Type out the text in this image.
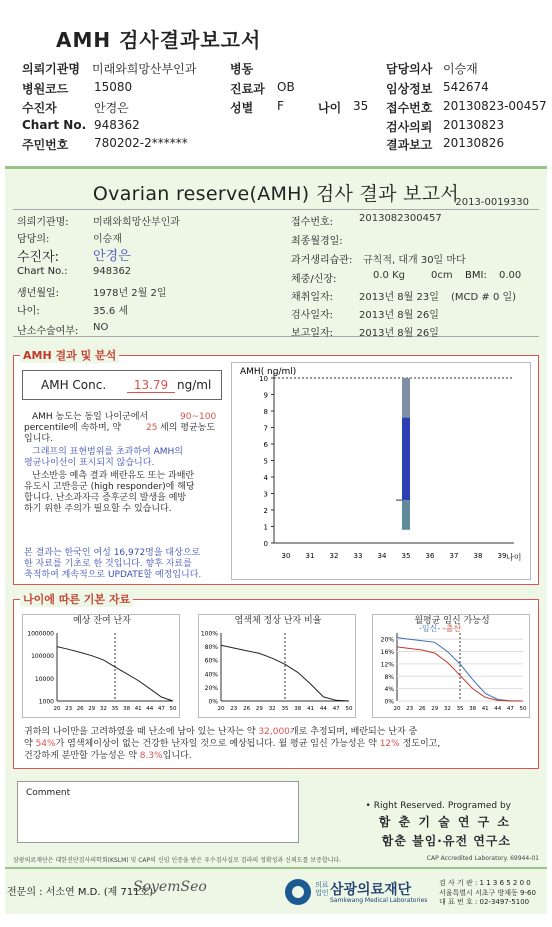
AMH 검사결과보고서
의뢰기관명 미래와희망산부인과	병동	담당의사 이승재
병원코드 15080	진료과 OB	임상정보 542674
수진자	안경은	성별 F	나이 35 접수번호 20130823-00457
Chart No. 948362	검사의뢰 20130823
주민번호 780202-2******	결과보고 20130826
Ovarian reserve(AMH) 검사 결과 보고서
2013-0019330
의뢰기관명: 미래와희망산부인과
담당의:	이승재
수진자:	안경은
Chart No.:	948362
생년월일:	1978년 2월 2일
나이:	35.6 세
난소수술여부: NO
접수번호:	2013082300457
최종월경일:
과거생리습관: 규칙적, 대개 30일 마다
체중/신장:	0.0 Kg	0cm BMI: 0.00
채취일자:	2013년 8월 23일 (MCD # 0 일)
검사일자:	2013년 8월 26일
보고일자:	2013년 8월 26일
AMH 결과 및 분석
AMH Conc.	13.79 ng/ml
AMH 농도는 동일 나이군에서	90~100
percentile에 속하며, 약	25 세의 평균농도
입니다.
그래프의 표현범위를 초과하여 AMH의
평균나이선이 표시되지 않습니다.
난소반응 예측 결과 배란유도 또는 과배란
유도시 고반응군 (high responder)에 해당
합니다. 난소과자극 증후군의 발생을 예방
하기 위한 주의가 필요할 수 있습니다.
본 결과는 한국인 여성 16,972명을 대상으로
한 자료를 기초로 한 것입니다. 향후 자료를
축적하여 계속적으로 UPDATE할 예정입니다.
AMH( ng/ml)
0
1
2
3
4
5
6
7
8
9
10
30 31 32 33 34 35 36 37 38 39 나이
나이에 따른 기본 자료
예상 잔여 난자
1000
10000
100000
1000000
20 23 26 29 32 35 38 41 44 47 50
염색체 정상 난자 비율
0%
20%
40%
60%
80%
100%
20 23 26 29 32 35 38 41 44 47 50
월평균 임신 가능성
-임신- -출산
0%
4%
8%
12%
16%
20%
20 23 26 29 32 35 38 41 44 47 50
귀하의 나이만을 고려하였을 때 난소에 남아 있는 난자는 약 32,000개로 추정되며, 배란되는 난자 중
약 54%가 염색체이상이 없는 건강한 난자일 것으로 예상됩니다. 월 평균 임신 가능성은 약 12% 정도이고,
건강하게 분만할 가능성은 약 8.3%입니다.
Comment
• Right Reserved. Programed by
함 춘 기 술 연 구 소
함춘 불임·유전 연구소
삼광의료재단은 대한진단검사의학회(KSLM) 및 CAP의 신임 인증을 받은 우수검사실로 검라의 정확성과 신뢰도를 보증합니다.	CAP Accredited Laboratory. 69944-01
전문의 : 서소연 M.D. (제 711호)
SoyemSeo	의료
법인 삼광의료재단
Samkwang Medical Laboratories
검 사 기 관 : 1 1 3 6 5 2 0 0
서울특별시 서초구 방재동 9-60
대 표 번 호 : 02-3497-5100
